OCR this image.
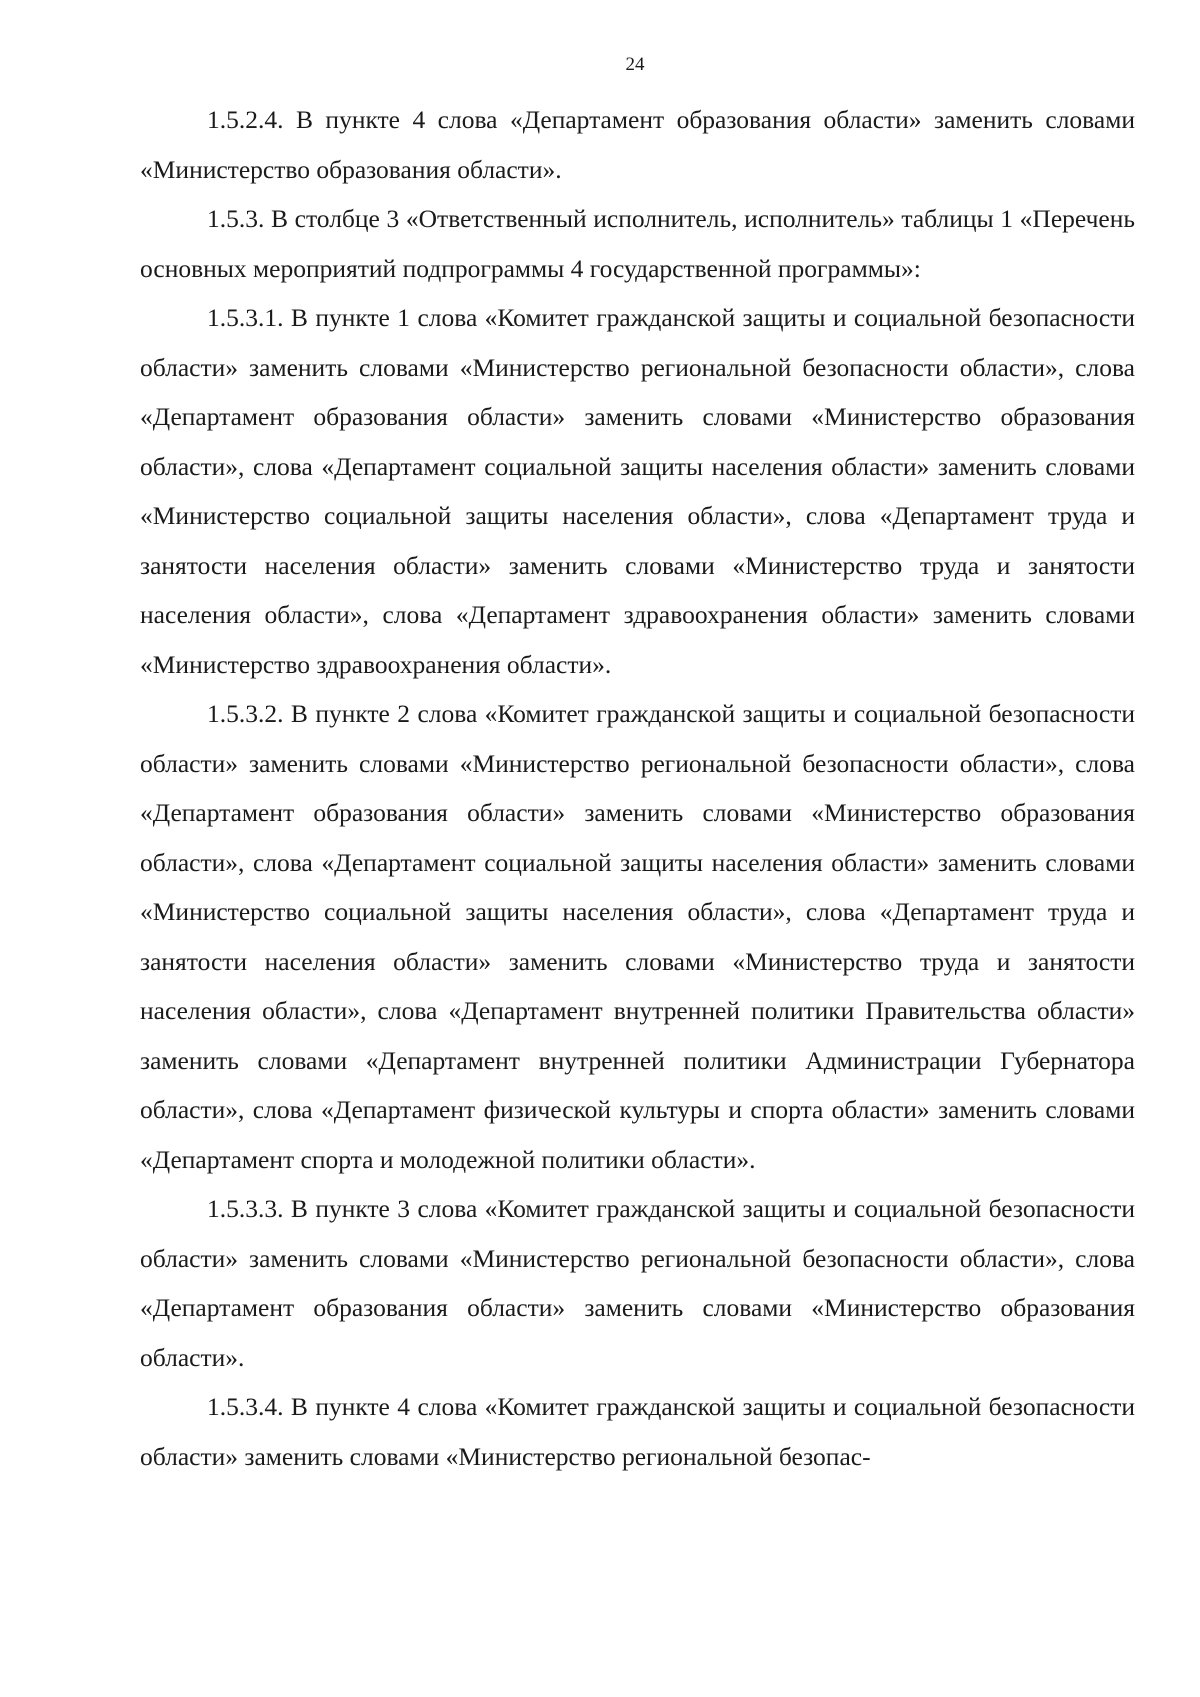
24

1.5.2.4. В пункте 4 слова «Департамент образования области» заменить словами «Министерство образования области».

1.5.3. В столбце 3 «Ответственный исполнитель, исполнитель» таблицы 1 «Перечень основных мероприятий подпрограммы 4 государственной программы»:

1.5.3.1. В пункте 1 слова «Комитет гражданской защиты и социальной безопасности области» заменить словами «Министерство региональной безопасности области», слова «Департамент образования области» заменить словами «Министерство образования области», слова «Департамент социальной защиты населения области» заменить словами «Министерство социальной защиты населения области», слова «Департамент труда и занятости населения области» заменить словами «Министерство труда и занятости населения области», слова «Департамент здравоохранения области» заменить словами «Министерство здравоохранения области».

1.5.3.2. В пункте 2 слова «Комитет гражданской защиты и социальной безопасности области» заменить словами «Министерство региональной безопасности области», слова «Департамент образования области» заменить словами «Министерство образования области», слова «Департамент социальной защиты населения области» заменить словами «Министерство социальной защиты населения области», слова «Департамент труда и занятости населения области» заменить словами «Министерство труда и занятости населения области», слова «Департамент внутренней политики Правительства области» заменить словами «Департамент внутренней политики Администрации Губернатора области», слова «Департамент физической культуры и спорта области» заменить словами «Департамент спорта и молодежной политики области».

1.5.3.3. В пункте 3 слова «Комитет гражданской защиты и социальной безопасности области» заменить словами «Министерство региональной безопасности области», слова «Департамент образования области» заменить словами «Министерство образования области».

1.5.3.4. В пункте 4 слова «Комитет гражданской защиты и социальной безопасности области» заменить словами «Министерство региональной безопас-
